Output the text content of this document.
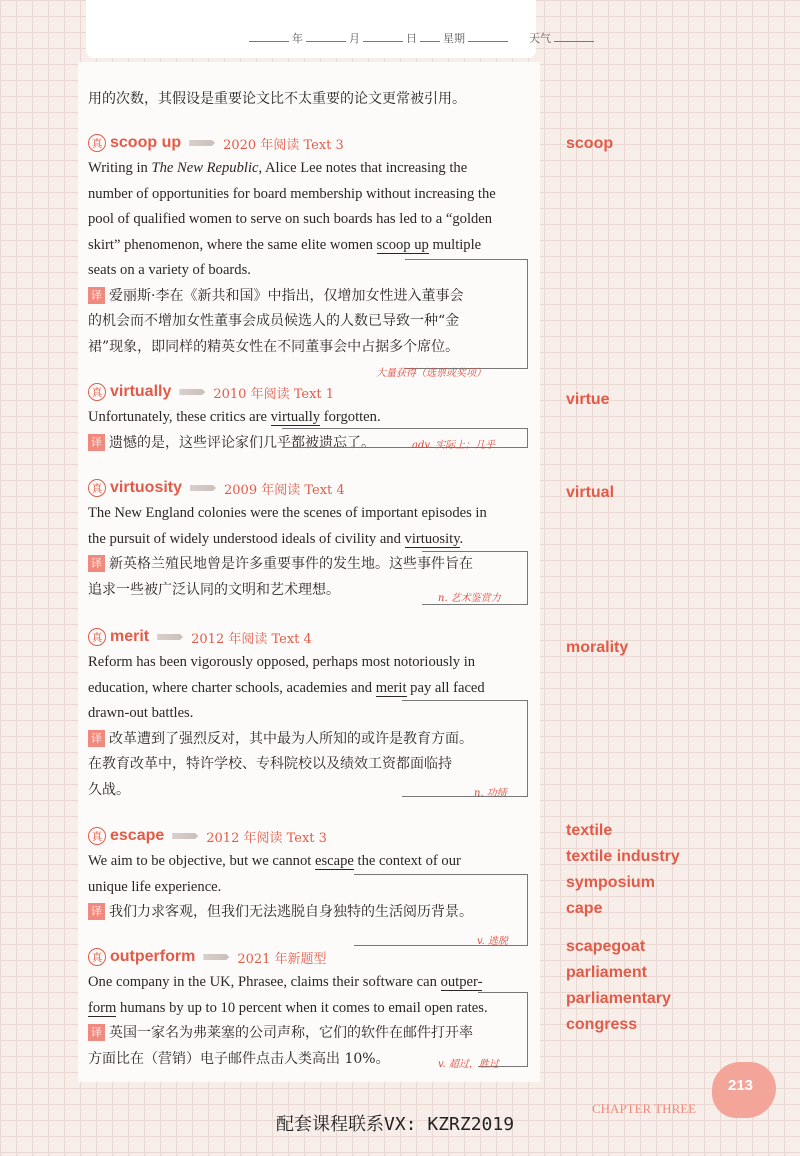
年	月	日 星期	天气
用的次数，其假设是重要论文比不太重要的论文更常被引用。
真 scoop up	2020 年阅读 Text 3
Writing in The New Republic, Alice Lee notes that increasing the
number of opportunities for board membership without increasing the
pool of qualified women to serve on such boards has led to a “golden
skirt” phenomenon, where the same elite women scoop up multiple
seats on a variety of boards.
译 爱丽斯·李在《新共和国》中指出，仅增加女性进入董事会
的机会而不增加女性董事会成员候选人的人数已导致一种“金
裙”现象，即同样的精英女性在不同董事会中占据多个席位。
大量获得（选票或奖项）
真 virtually	2010 年阅读 Text 1
Unfortunately, these critics are virtually forgotten.
译 遗憾的是，这些评论家们几乎都被遗忘了。	adv. 实际上；几乎
真 virtuosity	2009 年阅读 Text 4
The New England colonies were the scenes of important episodes in
the pursuit of widely understood ideals of civility and virtuosity.
译 新英格兰殖民地曾是许多重要事件的发生地。这些事件旨在
追求一些被广泛认同的文明和艺术理想。
n. 艺术鉴赏力
真 merit	2012 年阅读 Text 4
Reform has been vigorously opposed, perhaps most notoriously in
education, where charter schools, academies and merit pay all faced
drawn-out battles.
译 改革遭到了强烈反对，其中最为人所知的或许是教育方面。
在教育改革中，特许学校、专科院校以及绩效工资都面临持
久战。	n. 功绩
真 escape	2012 年阅读 Text 3
We aim to be objective, but we cannot escape the context of our
unique life experience.
译 我们力求客观，但我们无法逃脱自身独特的生活阅历背景。
v. 逃脱
真 outperform	2021 年新题型
One company in the UK, Phrasee, claims their software can outper-
form humans by up to 10 percent when it comes to email open rates.
译 英国一家名为弗莱塞的公司声称，它们的软件在邮件打开率
方面比在（营销）电子邮件点击人类高出 10%。	v. 超过，胜过
scoop
virtue
virtual
morality
textile
textile industry
symposium
cape
scapegoat
parliament
parliamentary
congress
213
CHAPTER THREE
配套课程联系VX: KZRZ2019
